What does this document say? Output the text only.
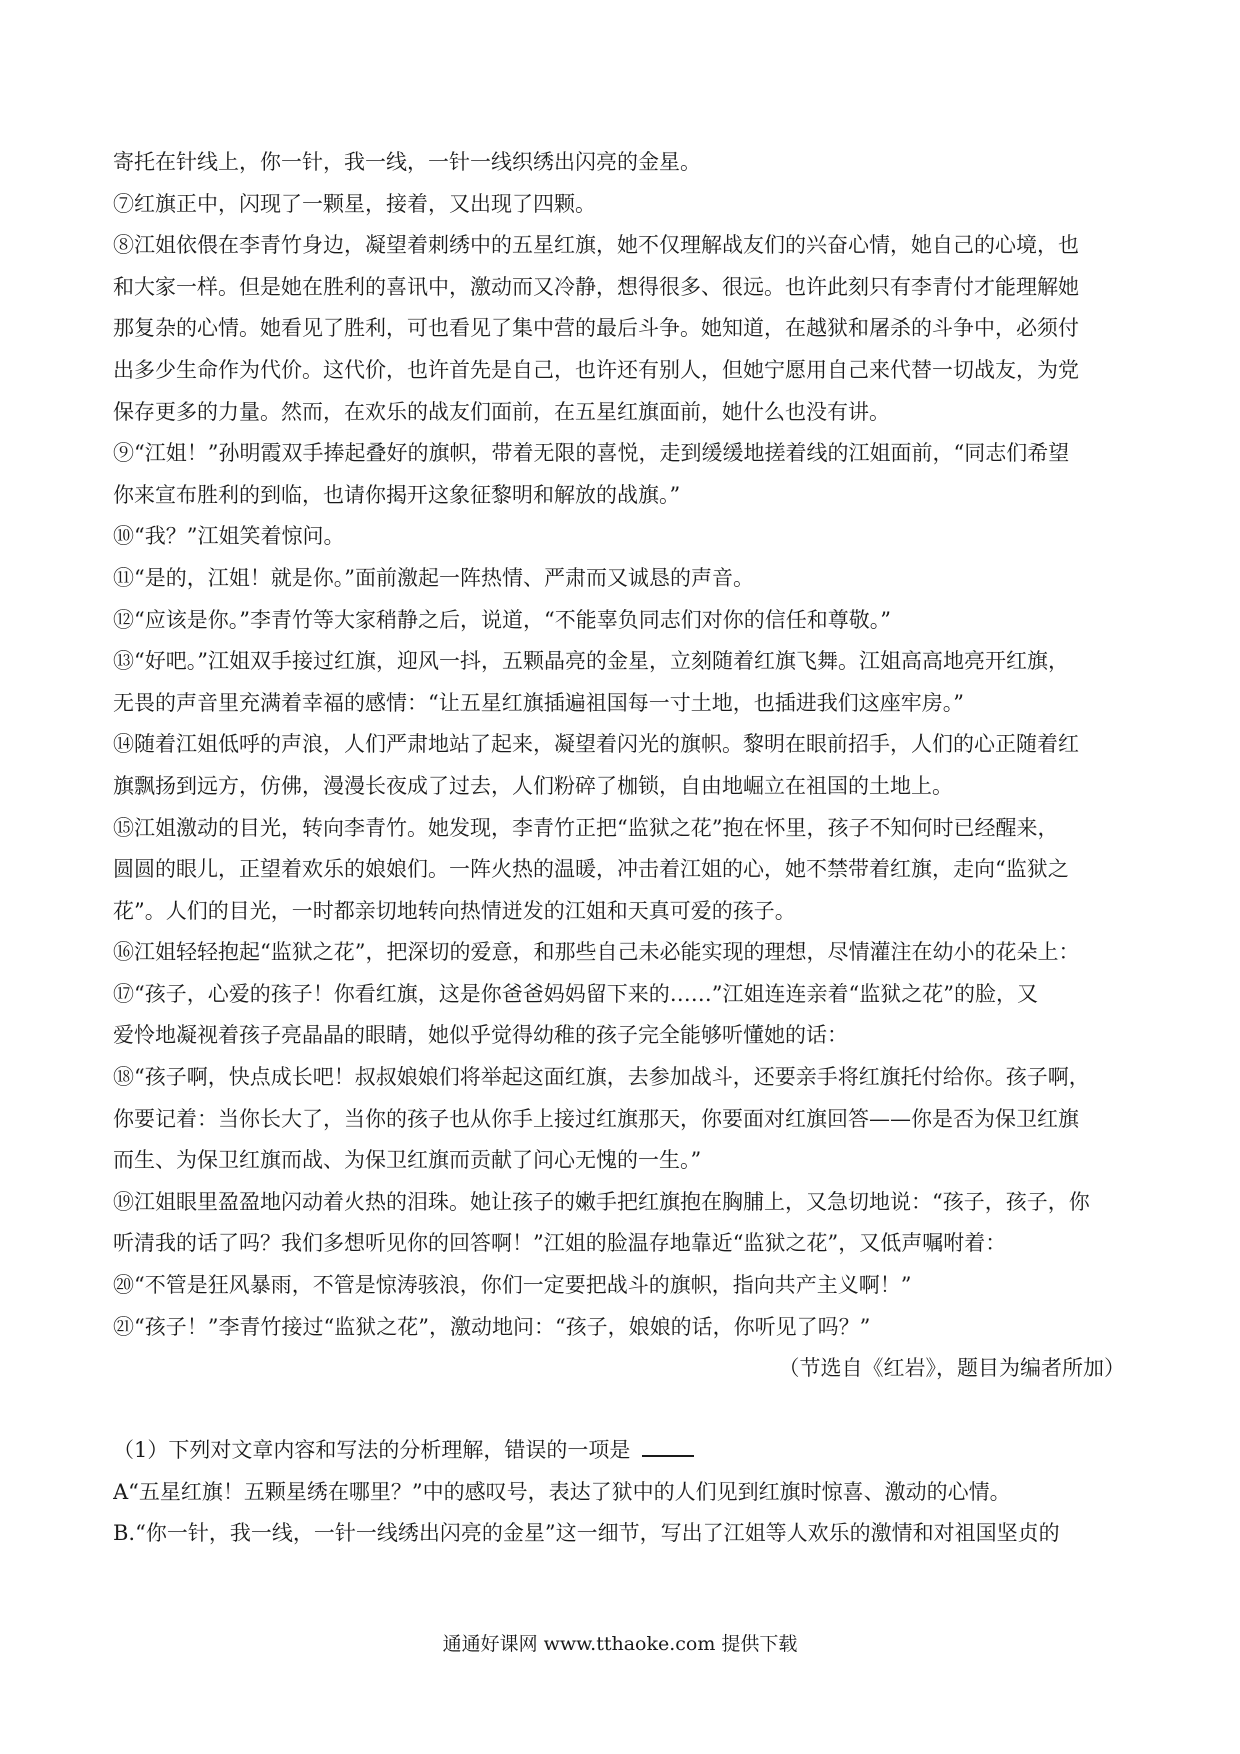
寄托在针线上，你一针，我一线，一针一线织绣出闪亮的金星。

⑦红旗正中，闪现了一颗星，接着，又出现了四颗。

⑧江姐依偎在李青竹身边，凝望着刺绣中的五星红旗，她不仅理解战友们的兴奋心情，她自己的心境，也
和大家一样。但是她在胜利的喜讯中，激动而又冷静，想得很多、很远。也许此刻只有李青付才能理解她
那复杂的心情。她看见了胜利，可也看见了集中营的最后斗争。她知道，在越狱和屠杀的斗争中，必须付
出多少生命作为代价。这代价，也许首先是自己，也许还有别人，但她宁愿用自己来代替一切战友，为党
保存更多的力量。然而，在欢乐的战友们面前，在五星红旗面前，她什么也没有讲。

⑨“江姐！”孙明霞双手捧起叠好的旗帜，带着无限的喜悦，走到缓缓地搓着线的江姐面前，“同志们希望
你来宣布胜利的到临，也请你揭开这象征黎明和解放的战旗。”

⑩“我？”江姐笑着惊问。

⑪“是的，江姐！就是你。”面前激起一阵热情、严肃而又诚恳的声音。

⑫“应该是你。”李青竹等大家稍静之后，说道，“不能辜负同志们对你的信任和尊敬。”

⑬“好吧。”江姐双手接过红旗，迎风一抖，五颗晶亮的金星，立刻随着红旗飞舞。江姐高高地亮开红旗，
无畏的声音里充满着幸福的感情：“让五星红旗插遍祖国每一寸土地，也插进我们这座牢房。”

⑭随着江姐低呼的声浪，人们严肃地站了起来，凝望着闪光的旗帜。黎明在眼前招手，人们的心正随着红
旗飘扬到远方，仿佛，漫漫长夜成了过去，人们粉碎了枷锁，自由地崛立在祖国的土地上。

⑮江姐激动的目光，转向李青竹。她发现，李青竹正把“监狱之花”抱在怀里，孩子不知何时已经醒来，
圆圆的眼儿，正望着欢乐的娘娘们。一阵火热的温暖，冲击着江姐的心，她不禁带着红旗，走向“监狱之
花”。人们的目光，一时都亲切地转向热情迸发的江姐和天真可爱的孩子。

⑯江姐轻轻抱起“监狱之花”，把深切的爱意，和那些自己未必能实现的理想，尽情灌注在幼小的花朵上：

⑰“孩子，心爱的孩子！你看红旗，这是你爸爸妈妈留下来的……”江姐连连亲着“监狱之花”的脸，又
爱怜地凝视着孩子亮晶晶的眼睛，她似乎觉得幼稚的孩子完全能够听懂她的话：

⑱“孩子啊，快点成长吧！叔叔娘娘们将举起这面红旗，去参加战斗，还要亲手将红旗托付给你。孩子啊，
你要记着：当你长大了，当你的孩子也从你手上接过红旗那天，你要面对红旗回答——你是否为保卫红旗
而生、为保卫红旗而战、为保卫红旗而贡献了问心无愧的一生。”

⑲江姐眼里盈盈地闪动着火热的泪珠。她让孩子的嫩手把红旗抱在胸脯上，又急切地说：“孩子，孩子，你
听清我的话了吗？我们多想听见你的回答啊！”江姐的脸温存地靠近“监狱之花”，又低声嘱咐着：

⑳“不管是狂风暴雨，不管是惊涛骇浪，你们一定要把战斗的旗帜，指向共产主义啊！”

㉑“孩子！”李青竹接过“监狱之花”，激动地问：“孩子，娘娘的话，你听见了吗？”

（节选自《红岩》，题目为编者所加）

（1）下列对文章内容和写法的分析理解，错误的一项是
A“五星红旗！五颗星绣在哪里？”中的感叹号，表达了狱中的人们见到红旗时惊喜、激动的心情。
B.“你一针，我一线，一针一线绣出闪亮的金星”这一细节，写出了江姐等人欢乐的激情和对祖国坚贞的
通通好课网 www.tthaoke.com 提供下载
